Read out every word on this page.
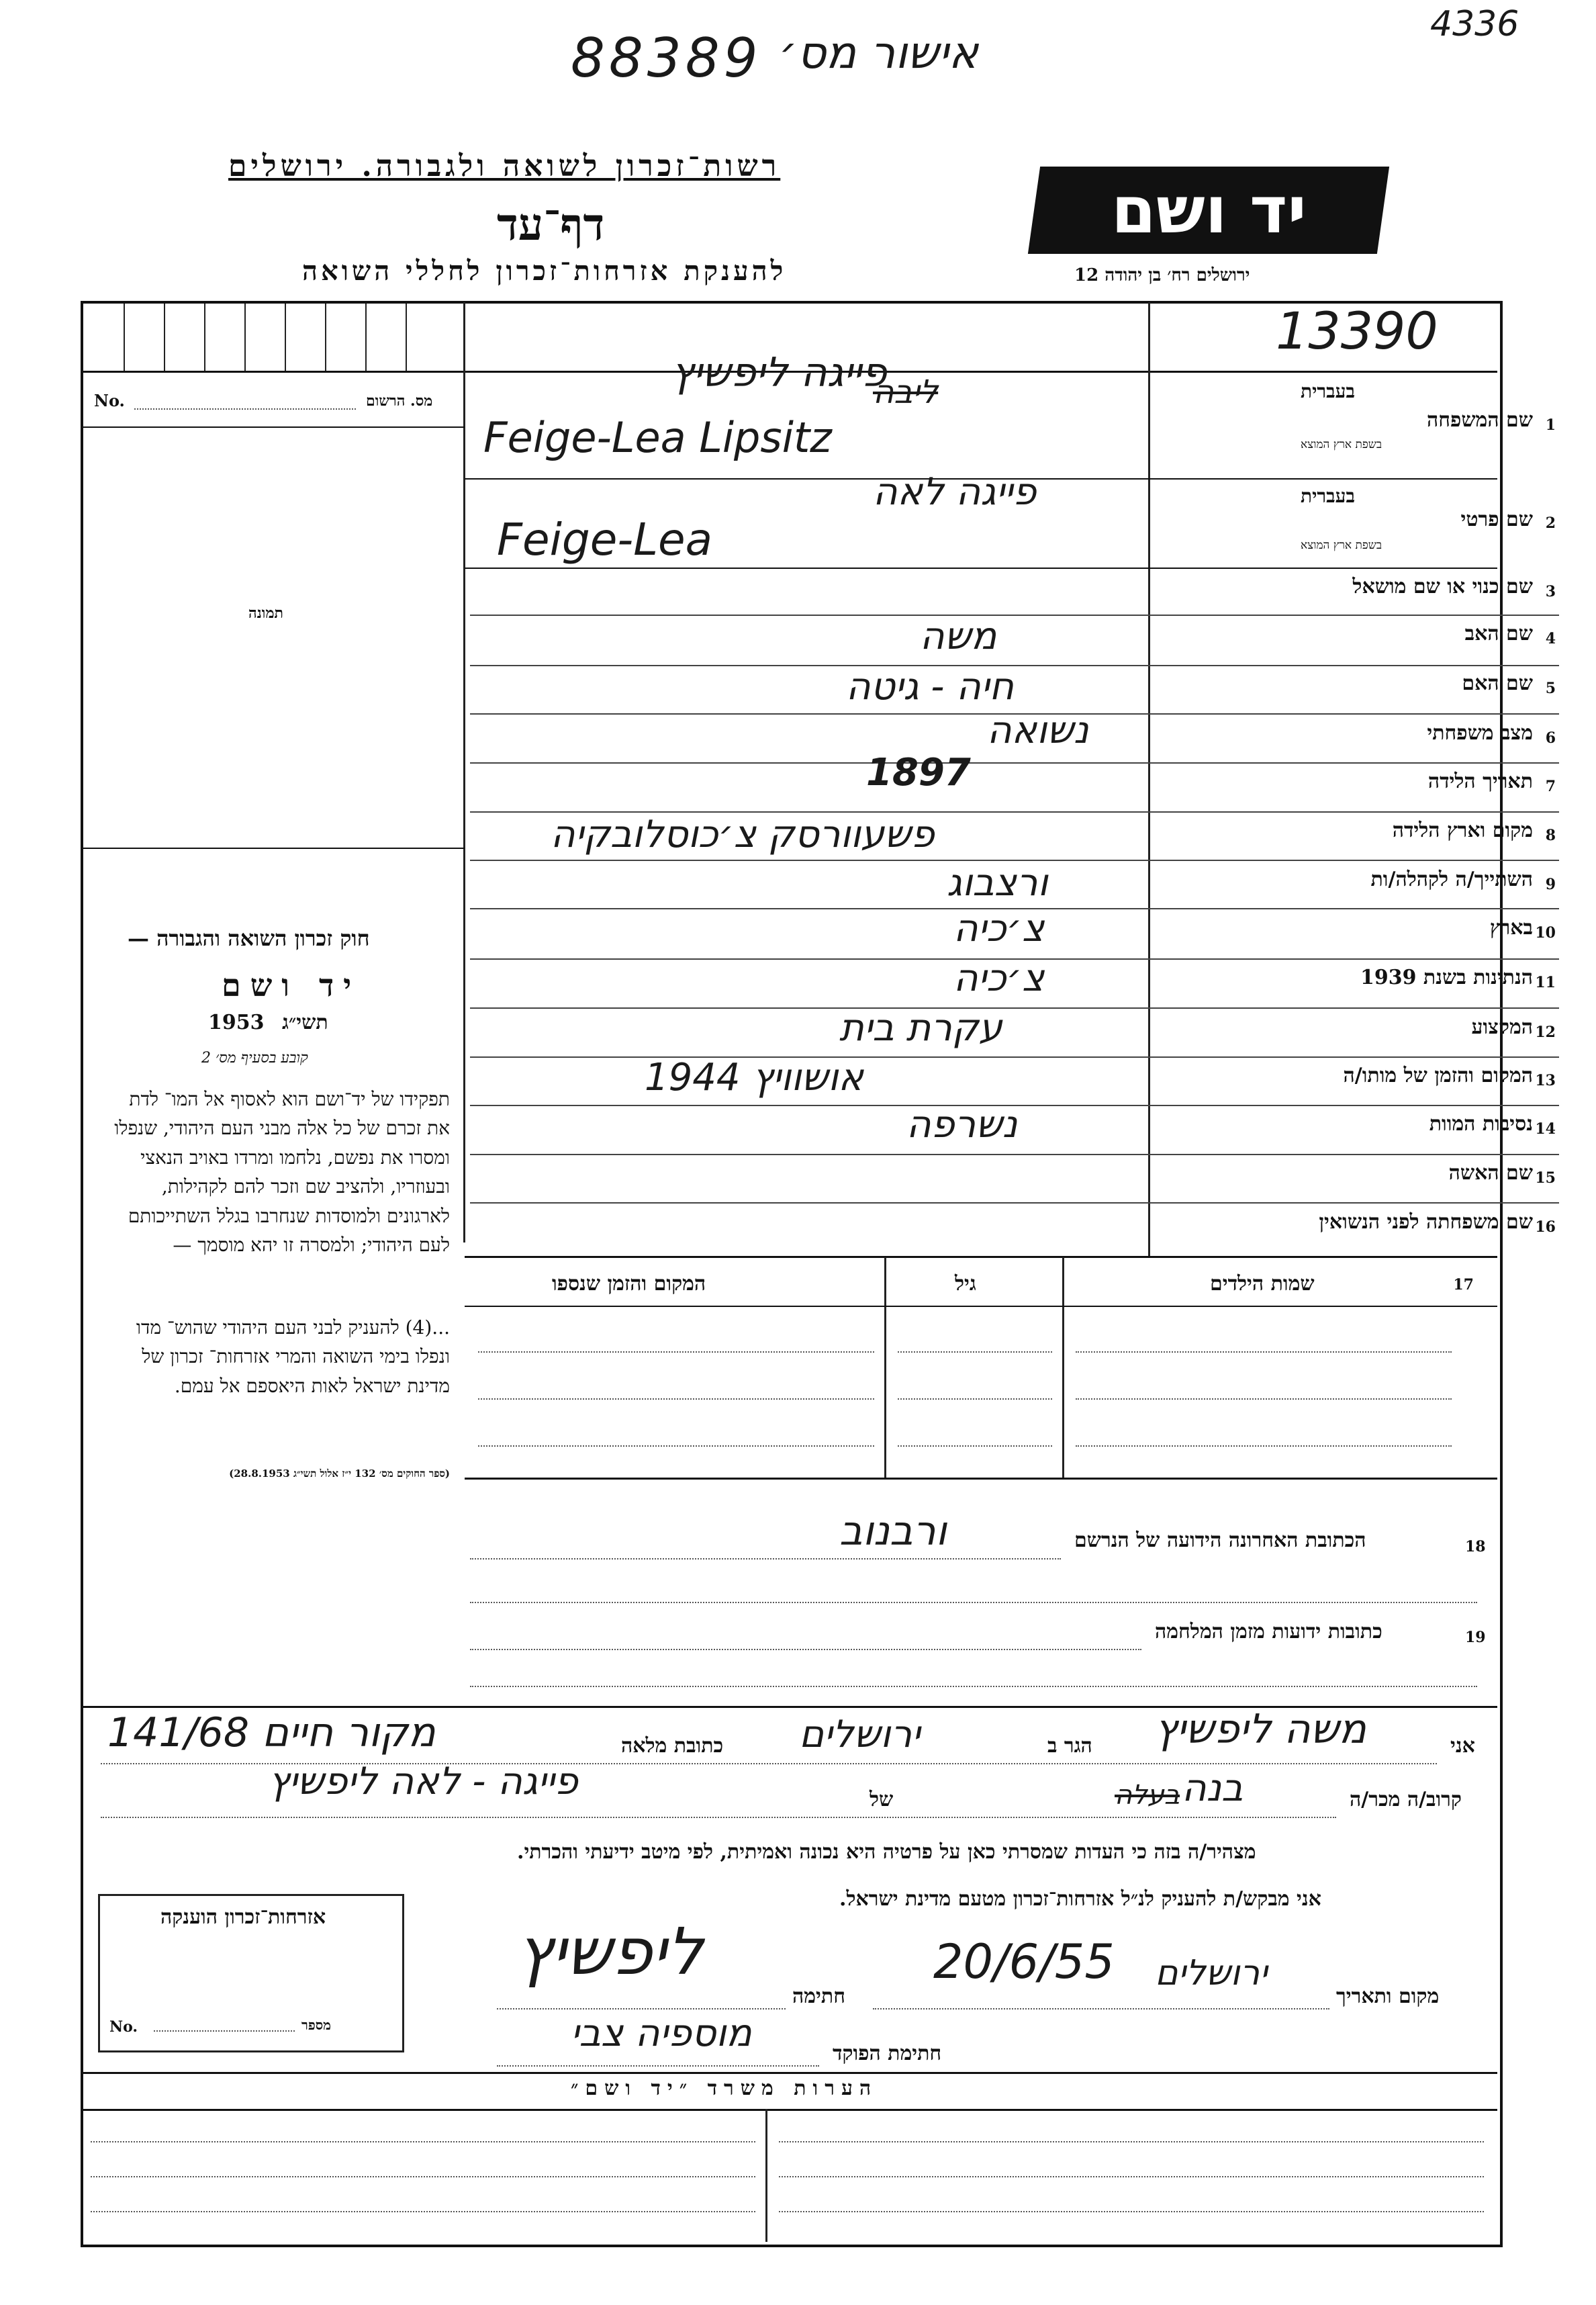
88389 אישור מס׳
4336
רשות־זכרון לשואה ולגבורה. ירושלים
דף־עד
להענקת אזרחות־זכרון לחללי השואה
יד ושם
ירושלים רח׳ בן יהודה 12
13390
No.	מס. הרשום
תמונה
חוק זכרון השואה והגבורה —
יד ושם
תשי״ג
1953
קובע בסעיף מס׳ 2
תפקידו של יד־ושם הוא לאסוף אל המו־ לדת את זכרם של כל אלה מבני העם היהודי, שנפלו ומסרו את נפשם, נלחמו ומרדו באויב הנאצי ובעוזריו, ולהציב שם וזכר להם לקהילות, לארגונים ולמוסדות שנחרבו בגלל השתייכותם לעם היהודי; ולמסרה זו יהא מוסמך —
...(4) להעניק לבני העם היהודי שהוש־ מדו ונפלו בימי השואה והמרי אזרחות־ זכרון של מדינת ישראל לאות היאספם אל עמם.
(ספר החוקים מס׳ 132 י״ז אלול תשי״ג 28.8.1953)
1
בעברית
שם המשפחה
בשפת ארץ המוצא
פייגה ליפשיץ
ליבה
Feige-Lea Lipsitz
2
בעברית
שם פרטי
בשפת ארץ המוצא
פייגה לאה
Feige-Lea
3
שם כנוי או שם מושאל
4
שם האב
משה
5
שם האם
חיה - גיטה
6
מצב משפחתי
נשואה
7
תאריך הלידה
1897
8
מקום וארץ הלידה
פשעוורסק צ׳כוסלובקיה
9
השתייך/ה לקהלה/ות
ורצבוג
10
בארץ
צ׳כיה
11
הנתינות בשנת 1939
צ׳כיה
12
המקצוע
עקרת בית
13
המקום והזמן של מותו/ה
אושוויץ 1944
14
נסיבות המוות
נשרפה
15
שם האשה
16
שם משפחתה לפני הנשואין
17
שמות הילדים
גיל
המקום והזמן שנספו
18
הכתובת האחרונה הידועה של הנרשם
ורבנוב
19
כתובות ידועות מזמן המלחמה
אני
משה ליפשיץ
הגר ב
ירושלים
כתובת מלאה
מקור חיים 141/68
קרוב/ה מכר/ה
בנה
בעלה
של
פייגה - לאה ליפשיץ
מצהיר/ה בזה כי העדות שמסרתי כאן על פרטיה היא נכונה ואמיתית, לפי מיטב ידיעתי והכרתי.
אני מבקש/ת להעניק לנ״ל אזרחות־זכרון מטעם מדינת ישראל.
מקום ותאריך
ירושלים
20/6/55
חתימה
ליפשיץ
חתימת הפוקד
מוספיה צבי
אזרחות־זכרון הוענקה
No.	מספר
הערות משרד ״יד ושם״
